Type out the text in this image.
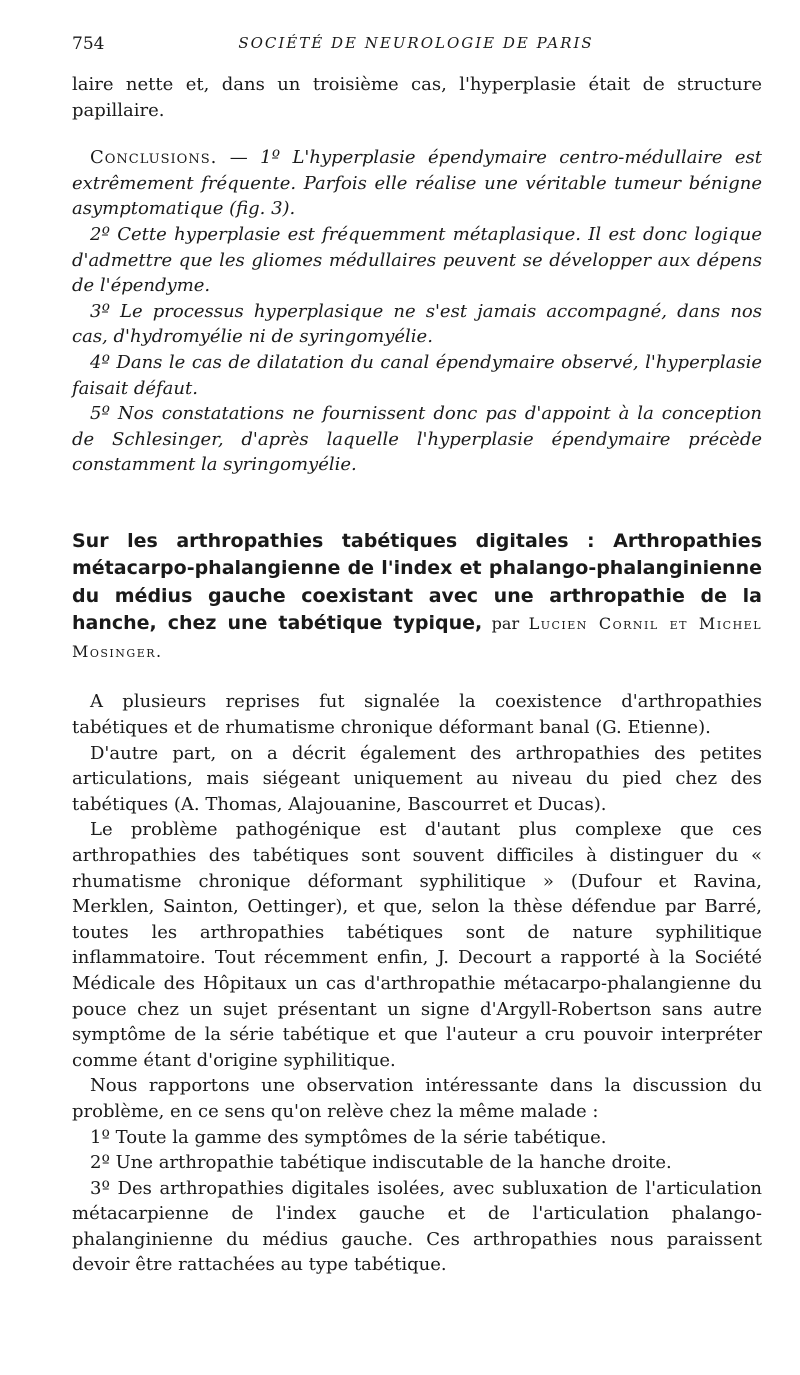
754	SOCIÉTÉ DE NEUROLOGIE DE PARIS

laire nette et, dans un troisième cas, l'hyperplasie était de structure papillaire.

Conclusions. — 1º L'hyperplasie épendymaire centro-médullaire est extrêmement fréquente. Parfois elle réalise une véritable tumeur bénigne asymptomatique (fig. 3).

2º Cette hyperplasie est fréquemment métaplasique. Il est donc logique d'admettre que les gliomes médullaires peuvent se développer aux dépens de l'épendyme.

3º Le processus hyperplasique ne s'est jamais accompagné, dans nos cas, d'hydromyélie ni de syringomyélie.

4º Dans le cas de dilatation du canal épendymaire observé, l'hyperplasie faisait défaut.

5º Nos constatations ne fournissent donc pas d'appoint à la conception de Schlesinger, d'après laquelle l'hyperplasie épendymaire précède constamment la syringomyélie.

Sur les arthropathies tabétiques digitales : Arthropathies métacarpo-phalangienne de l'index et phalango-phalanginienne du médius gauche coexistant avec une arthropathie de la hanche, chez une tabétique typique, par Lucien Cornil et Michel Mosinger.

A plusieurs reprises fut signalée la coexistence d'arthropathies tabétiques et de rhumatisme chronique déformant banal (G. Etienne).

D'autre part, on a décrit également des arthropathies des petites articulations, mais siégeant uniquement au niveau du pied chez des tabétiques (A. Thomas, Alajouanine, Bascourret et Ducas).

Le problème pathogénique est d'autant plus complexe que ces arthropathies des tabétiques sont souvent difficiles à distinguer du « rhumatisme chronique déformant syphilitique » (Dufour et Ravina, Merklen, Sainton, Oettinger), et que, selon la thèse défendue par Barré, toutes les arthropathies tabétiques sont de nature syphilitique inflammatoire. Tout récemment enfin, J. Decourt a rapporté à la Société Médicale des Hôpitaux un cas d'arthropathie métacarpo-phalangienne du pouce chez un sujet présentant un signe d'Argyll-Robertson sans autre symptôme de la série tabétique et que l'auteur a cru pouvoir interpréter comme étant d'origine syphilitique.

Nous rapportons une observation intéressante dans la discussion du problème, en ce sens qu'on relève chez la même malade :

1º Toute la gamme des symptômes de la série tabétique.

2º Une arthropathie tabétique indiscutable de la hanche droite.

3º Des arthropathies digitales isolées, avec subluxation de l'articulation métacarpienne de l'index gauche et de l'articulation phalango-phalanginienne du médius gauche. Ces arthropathies nous paraissent devoir être rattachées au type tabétique.
